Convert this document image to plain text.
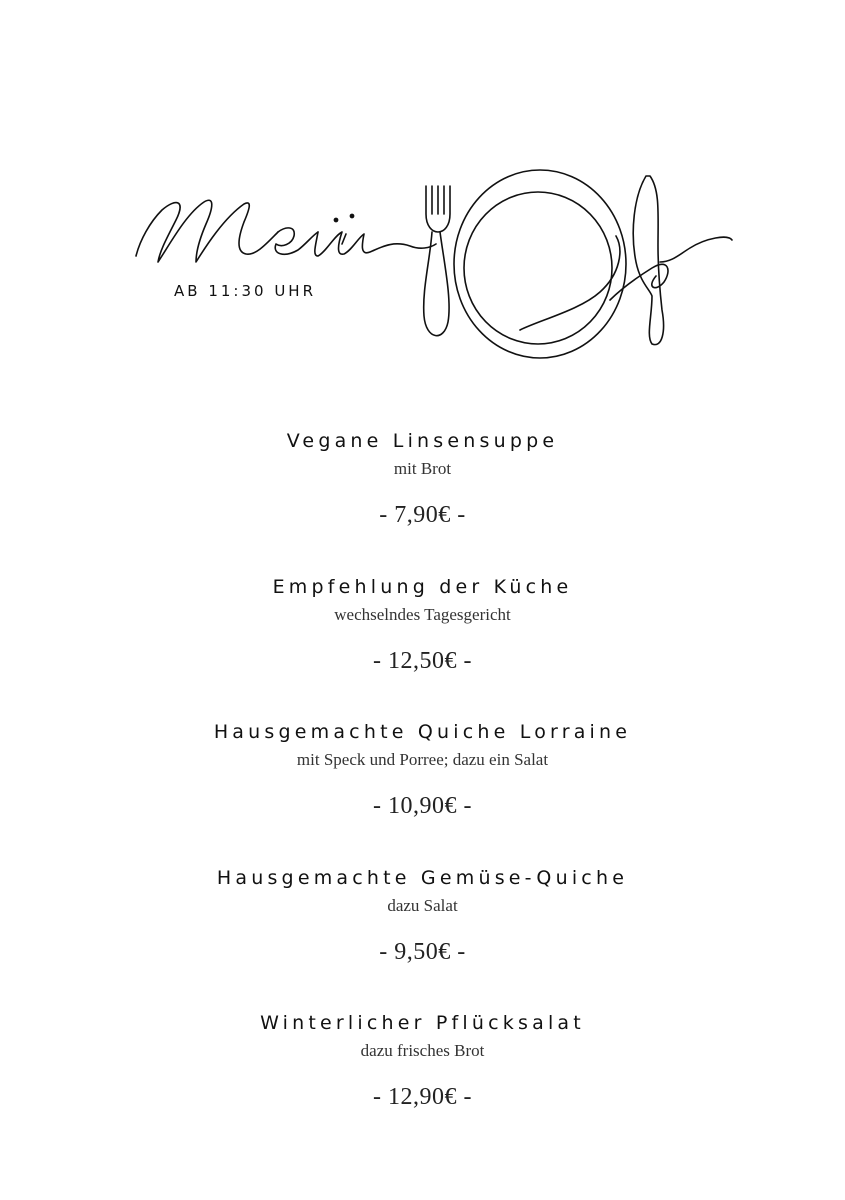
AB 11:30 UHR
Vegane Linsensuppe
mit Brot
- 7,90€ -
Empfehlung der Küche
wechselndes Tagesgericht
- 12,50€ -
Hausgemachte Quiche Lorraine
mit Speck und Porree; dazu ein Salat
- 10,90€ -
Hausgemachte Gemüse-Quiche
dazu Salat
- 9,50€ -
Winterlicher Pflücksalat
dazu frisches Brot
- 12,90€ -
